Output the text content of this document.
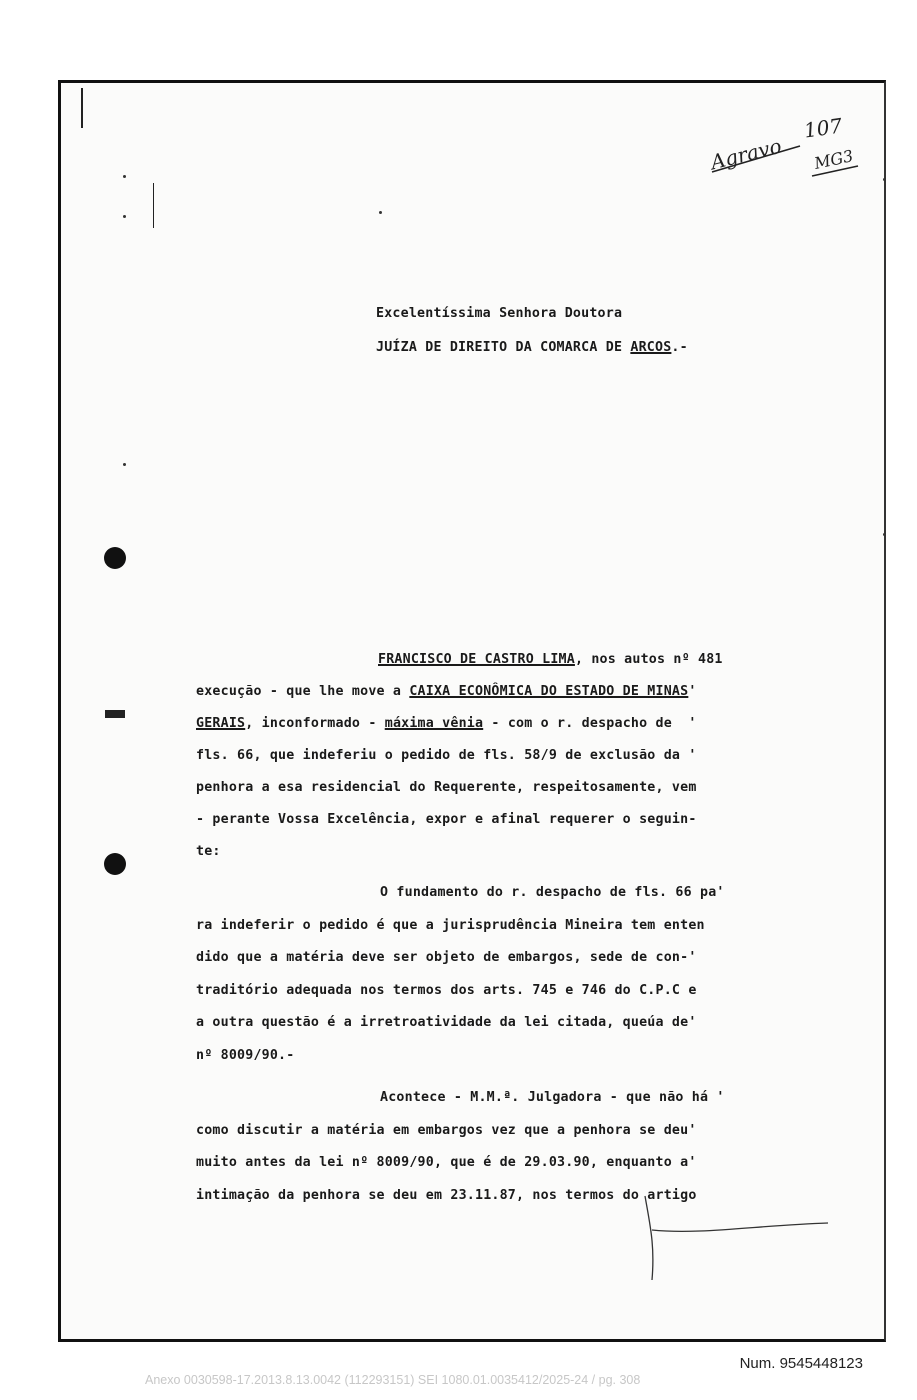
Agravo
107
MG3
Excelentíssima Senhora Doutora
JUÍZA DE DIREITO DA COMARCA DE ARCOS.-
FRANCISCO DE CASTRO LIMA, nos autos nº 481
execução - que lhe move a CAIXA ECONÔMICA DO ESTADO DE MINAS'
GERAIS, inconformado - máxima vênia - com o r. despacho de  '
fls. 66, que indeferiu o pedido de fls. 58/9 de exclusão da '
penhora a esa residencial do Requerente, respeitosamente, vem
- perante Vossa Excelência, expor e afinal requerer o seguin-
te:
O fundamento do r. despacho de fls. 66 pa'
ra indeferir o pedido é que a jurisprudência Mineira tem enten
dido que a matéria deve ser objeto de embargos, sede de con-'
traditório adequada nos termos dos arts. 745 e 746 do C.P.C e
a outra questão é a irretroatividade da lei citada, queúa de'
nº 8009/90.-
Acontece - M.M.ª. Julgadora - que não há '
como discutir a matéria em embargos vez que a penhora se deu'
muito antes da lei nº 8009/90, que é de 29.03.90, enquanto a'
intimação da penhora se deu em 23.11.87, nos termos do artigo
Num. 9545448123
Anexo 0030598-17.2013.8.13.0042 (112293151) SEI 1080.01.0035412/2025-24 / pg. 308
